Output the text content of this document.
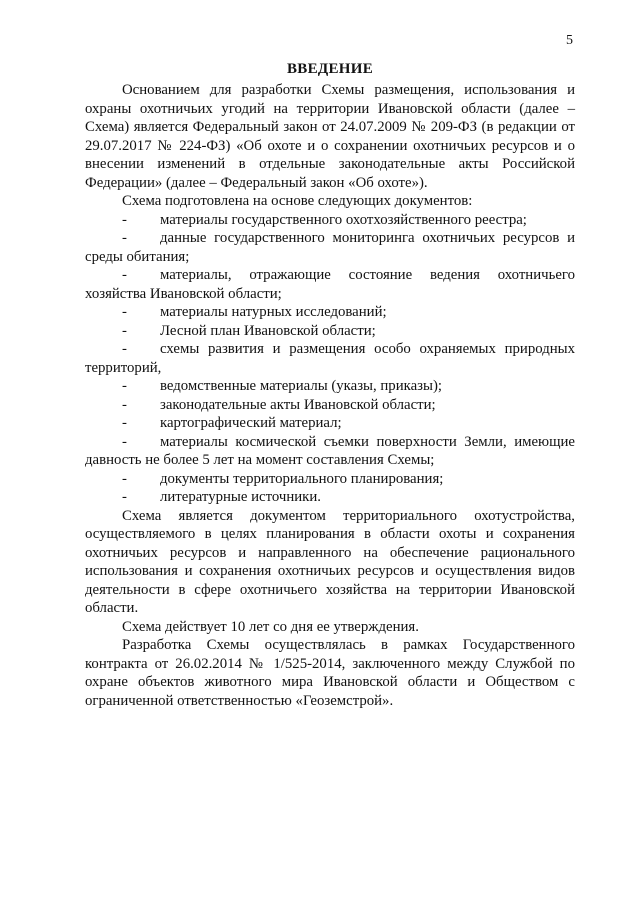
5
ВВЕДЕНИЕ

Основанием для разработки Схемы размещения, использования и охраны охотничьих угодий на территории Ивановской области (далее – Схема) является Федеральный закон от 24.07.2009 № 209-ФЗ (в редакции от 29.07.2017 № 224-ФЗ) «Об охоте и о сохранении охотничьих ресурсов и о внесении изменений в отдельные законодательные акты Российской Федерации» (далее – Федеральный закон «Об охоте»).

Схема подготовлена на основе следующих документов:

- материалы государственного охотхозяйственного реестра;
- данные государственного мониторинга охотничьих ресурсов и среды обитания;
- материалы, отражающие состояние ведения охотничьего хозяйства Ивановской области;
- материалы натурных исследований;
- Лесной план Ивановской области;
- схемы развития и размещения особо охраняемых природных территорий,
- ведомственные материалы (указы, приказы);
- законодательные акты Ивановской области;
- картографический материал;
- материалы космической съемки поверхности Земли, имеющие давность не более 5 лет на момент составления Схемы;
- документы территориального планирования;
- литературные источники.

Схема является документом территориального охотустройства, осуществляемого в целях планирования в области охоты и сохранения охотничьих ресурсов и направленного на обеспечение рационального использования и сохранения охотничьих ресурсов и осуществления видов деятельности в сфере охотничьего хозяйства на территории Ивановской области.

Схема действует 10 лет со дня ее утверждения.

Разработка Схемы осуществлялась в рамках Государственного контракта от 26.02.2014 № 1/525-2014, заключенного между Службой по охране объектов животного мира Ивановской области и Обществом с ограниченной ответственностью «Геоземстрой».
